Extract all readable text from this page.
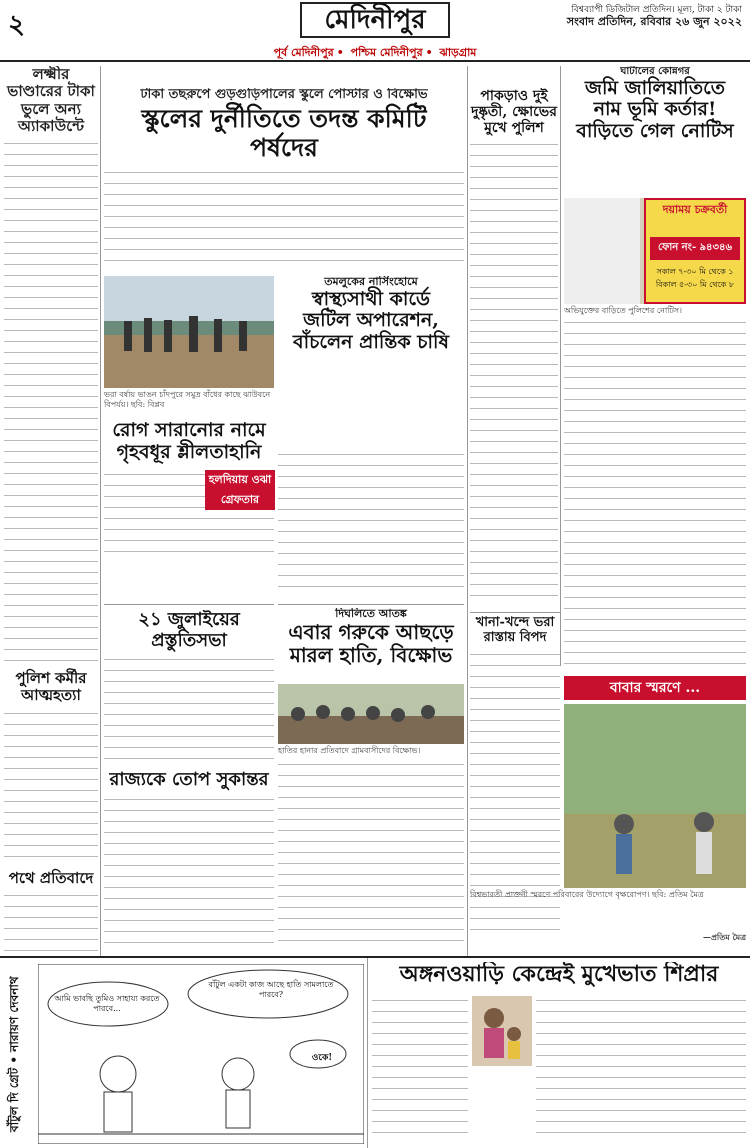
২	মেদিনীপুর	বিশ্বব্যাপী ডিজিটাল প্রতিদিন। মূল্য, টাকা ২ টাকা
সংবাদ প্রতিদিন, রবিবার ২৬ জুন ২০২২
পূর্ব মেদিনীপুর • পশ্চিম মেদিনীপুর • ঝাড়গ্রাম
লক্ষ্মীর ভাণ্ডারের টাকা ভুলে অন্য অ্যাকাউন্টে
পুলিশ কর্মীর আত্মহত্যা
পথে প্রতিবাদে
টাকা তছরুপে গুড়গুড়িপালের স্কুলে পোস্টার ও বিক্ষোভ
স্কুলের দুর্নীতিতে তদন্ত কমিটি পর্ষদের
ভরা বর্ষায় ভাঙন চাঁদপুরে সমুদ্র বাঁধের কাছে ঝাউবনে বিপর্যয়। ছবি: বিপ্লব
তমলুকের নার্সিংহোমে
স্বাস্থ্যসাথী কার্ডে
জটিল অপারেশন,
বাঁচলেন প্রান্তিক চাষি
রোগ সারানোর নামে
গৃহবধূর শ্লীলতাহানি
হলদিয়ায় ওঝা
গ্রেফতার
২১ জুলাইয়ের প্রস্তুতিসভা
রাজ্যকে তোপ সুকান্তর
দিঘলিতে আতঙ্ক
এবার গরুকে আছড়ে
মারল হাতি, বিক্ষোভ
হাতির হানার প্রতিবাদে গ্রামবাসীদের বিক্ষোভ।
পাকড়াও দুই
দুষ্কৃতী, ক্ষোভের
মুখে পুলিশ
খানা-খন্দে ভরা
রাস্তায় বিপদ
ঘাটালের কোন্নগর
জমি জালিয়াতিতে
নাম ভূমি কর্তার!
বাড়িতে গেল নোটিস
দয়াময় চক্রবর্তী
ফোন নং- ৯৪৩৪৬
সকাল ৭-৩০ মি থেকে ১
বিকাল ৫-৩০ মি থেকে ৮
অভিযুক্তের বাড়িতে পুলিশের নোটিস।
বাবার স্মরণে ...
বিশ্বভারতী প্রাক্তনী স্মরণে পরিবারের উদ্যোগে বৃক্ষরোপণ। ছবি: প্রতিম মৈত্র
—প্রতিম মৈত্র
বাঁটুল দি গ্রেট • নারায়ণ দেবনাথ	আমি ভাবছি তুমিও সাহায্য করতে পারবে...
বাঁটুল একটা কাজ আছে হাতি সামলাতে পারবে?
ওকে!
অঙ্গনওয়াড়ি কেন্দ্রেই মুখেভাত শিপ্রার
